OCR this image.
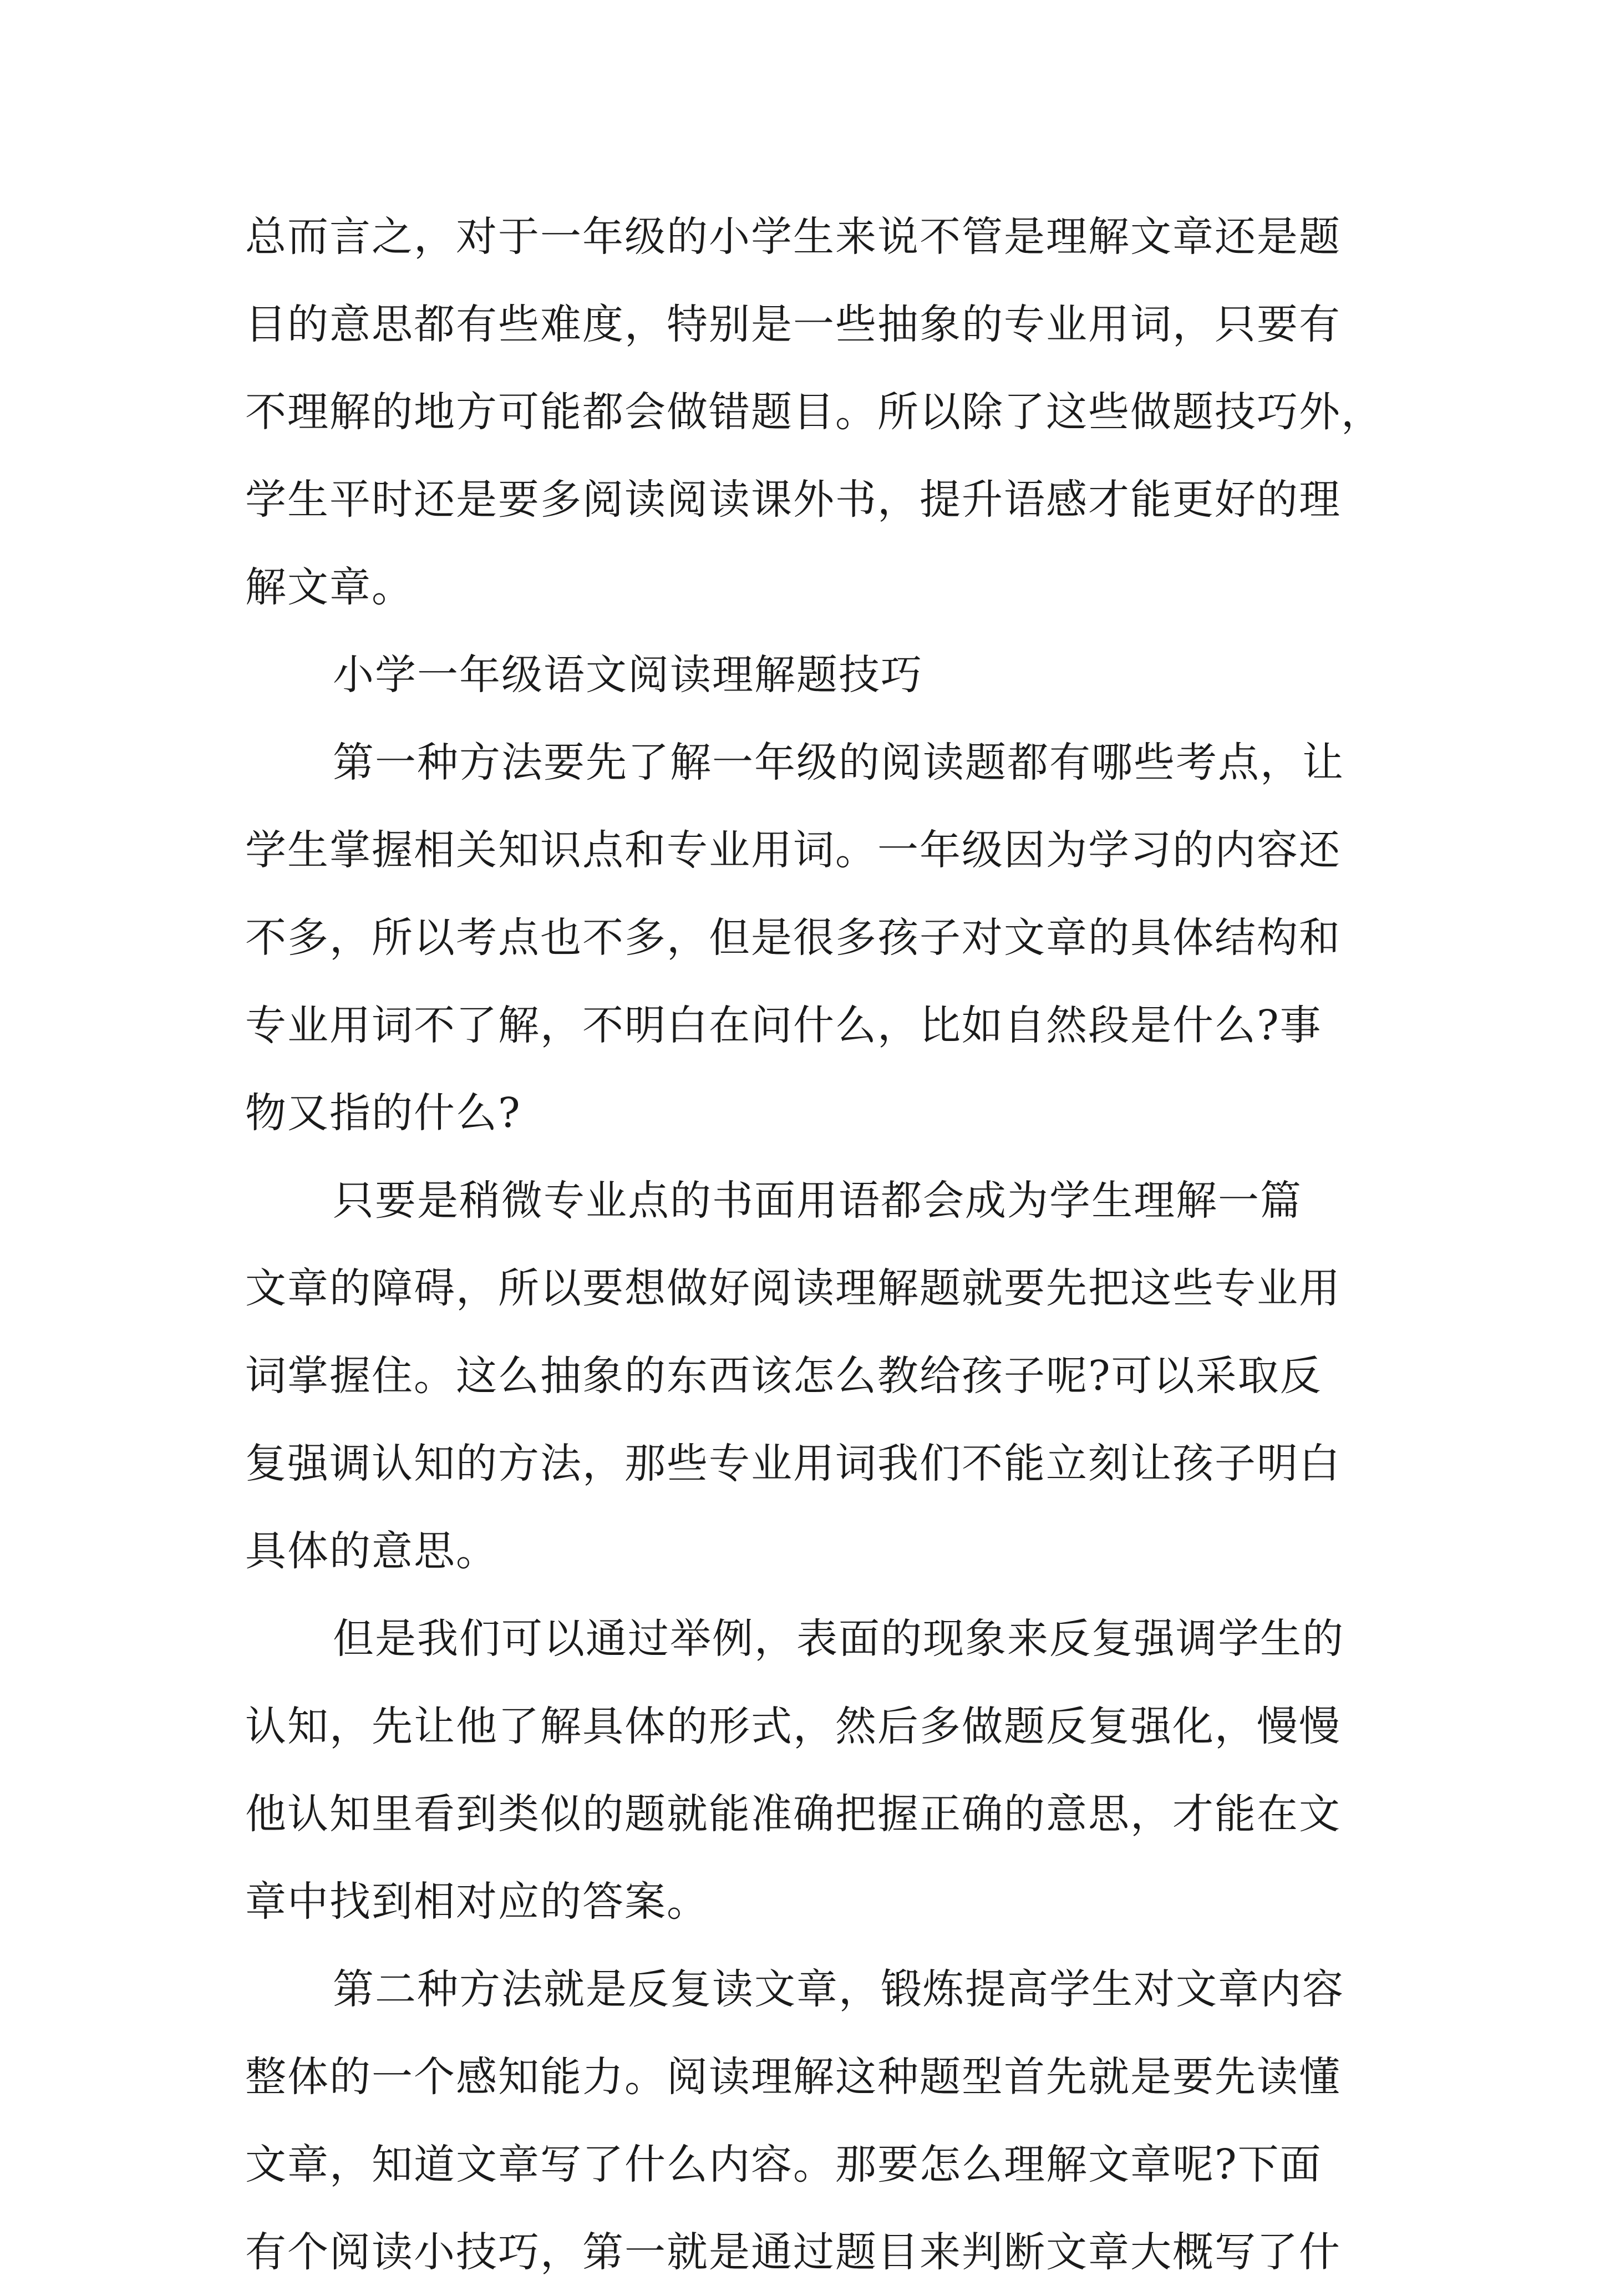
总而言之，对于一年级的小学生来说不管是理解文章还是题
目的意思都有些难度，特别是一些抽象的专业用词，只要有
不理解的地方可能都会做错题目。所以除了这些做题技巧外，
学生平时还是要多阅读阅读课外书，提升语感才能更好的理
解文章。
小学一年级语文阅读理解题技巧
第一种方法要先了解一年级的阅读题都有哪些考点，让
学生掌握相关知识点和专业用词。一年级因为学习的内容还
不多，所以考点也不多，但是很多孩子对文章的具体结构和
专业用词不了解，不明白在问什么，比如自然段是什么?事
物又指的什么?
只要是稍微专业点的书面用语都会成为学生理解一篇
文章的障碍，所以要想做好阅读理解题就要先把这些专业用
词掌握住。这么抽象的东西该怎么教给孩子呢?可以采取反
复强调认知的方法，那些专业用词我们不能立刻让孩子明白
具体的意思。
但是我们可以通过举例，表面的现象来反复强调学生的
认知，先让他了解具体的形式，然后多做题反复强化，慢慢
他认知里看到类似的题就能准确把握正确的意思，才能在文
章中找到相对应的答案。
第二种方法就是反复读文章，锻炼提高学生对文章内容
整体的一个感知能力。阅读理解这种题型首先就是要先读懂
文章，知道文章写了什么内容。那要怎么理解文章呢?下面
有个阅读小技巧，第一就是通过题目来判断文章大概写了什
